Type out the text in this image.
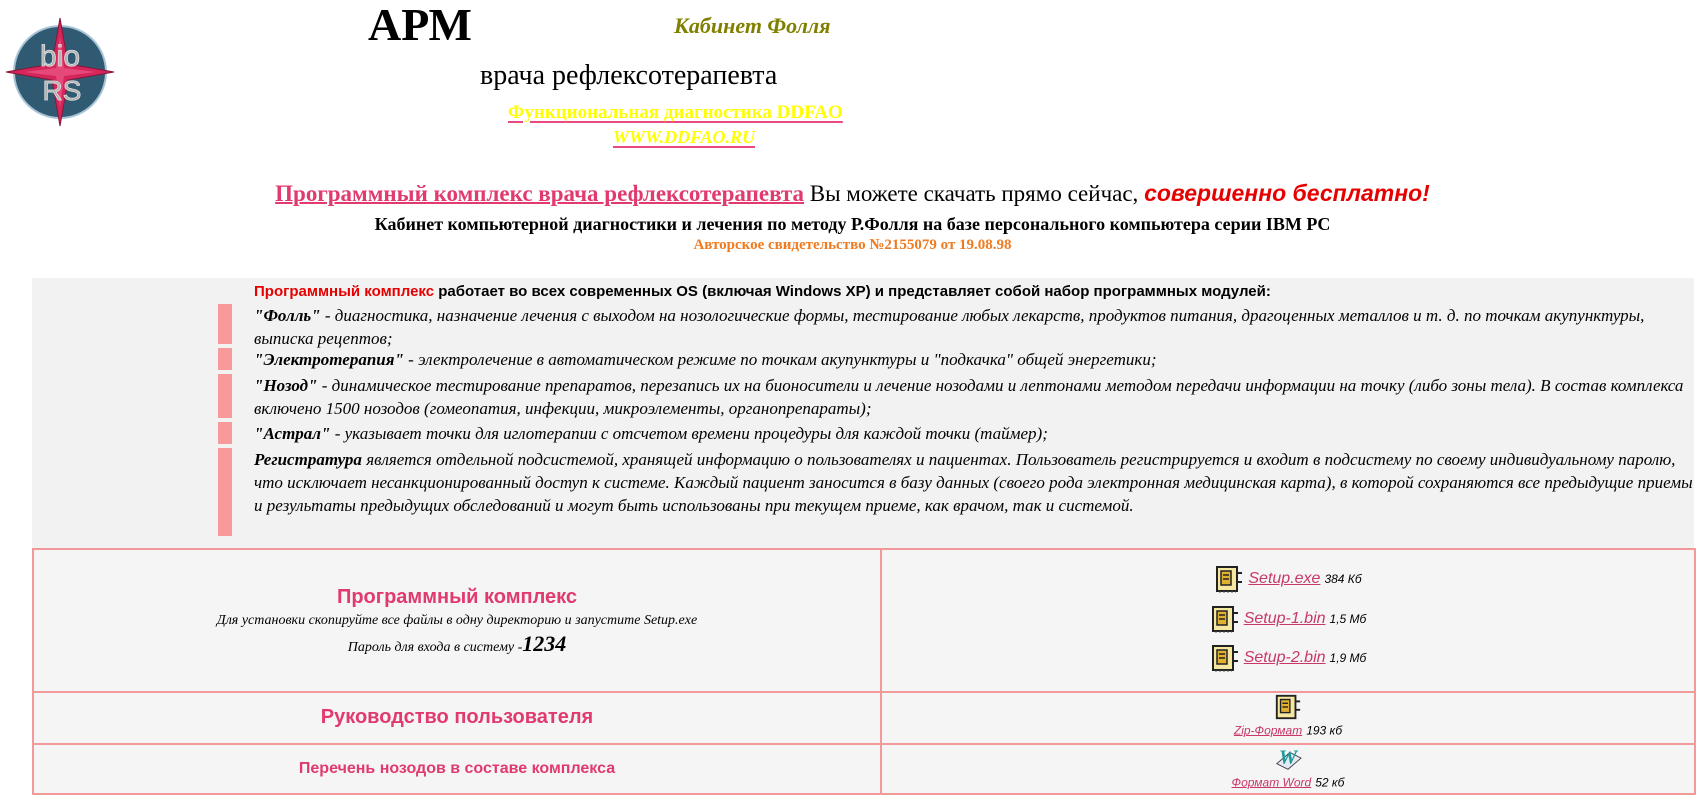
bio
RS
АРМ	Кабинет Фолля
врача рефлексотерапевта
Функциональная диагностика DDFAO
WWW.DDFAO.RU
Программный комплекс врача рефлексотерапевта Вы можете скачать прямо сейчас, совершенно бесплатно!
Кабинет компьютерной диагностики и лечения по методу Р.Фолля на базе персонального компьютера серии IBM PC
Авторское свидетельство №2155079 от 19.08.98
Программный комплекс работает во всех современных OS (включая Windows XP) и представляет собой набор программных модулей:
"Фолль" - диагностика, назначение лечения с выходом на нозологические формы, тестирование любых лекарств, продуктов питания, драгоценных металлов и т. д. по точкам акупунктуры, выписка рецептов;
"Электротерапия" - электролечение в автоматическом режиме по точкам акупунктуры и "подкачка" общей энергетики;
"Нозод" - динамическое тестирование препаратов, перезапись их на бионосители и лечение нозодами и лептонами методом передачи информации на точку (либо зоны тела). В состав комплекса включено 1500 нозодов (гомеопатия, инфекции, микроэлементы, органопрепараты);
"Астрал" - указывает точки для иглотерапии с отсчетом времени процедуры для каждой точки (таймер);
Регистратура является отдельной подсистемой, хранящей информацию о пользователях и пациентах. Пользователь регистрируется и входит в подсистему по своему индивидуальному паролю, что исключает несанкционированный доступ к системе. Каждый пациент заносится в базу данных (своего рода электронная медицинская карта), в которой сохраняются все предыдущие приемы и результаты предыдущих обследований и могут быть использованы при текущем приеме, как врачом, так и системой.
Программный комплекс
Для установки скопируйте все файлы в одну директорию и запустите Setup.exe
Пароль для входа в систему -1234
Setup.exe 384 Кб
Setup-1.bin 1,5 Мб
Setup-2.bin 1,9 Мб
Руководство пользователя
Zip-Формат 193 кб
Перечень нозодов в составе комплекса	W
Формат Word 52 кб
